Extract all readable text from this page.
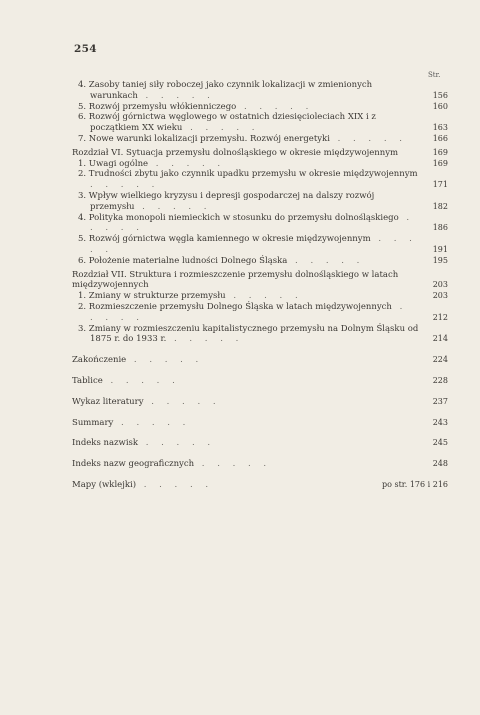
254
Str.
4. Zasoby taniej siły roboczej jako czynnik lokalizacji w zmienionych warunkach . . . . .	156
5. Rozwój przemysłu włókienniczego . . . . .	160
6. Rozwój górnictwa węglowego w ostatnich dziesięcioleciach XIX i z początkiem XX wieku . . . . .	163
7. Nowe warunki lokalizacji przemysłu. Rozwój energetyki . . . . .	166
Rozdział VI. Sytuacja przemysłu dolnośląskiego w okresie międzywojennym	169
1. Uwagi ogólne . . . . .	169
2. Trudności zbytu jako czynnik upadku przemysłu w okresie międzywojennym . . . . .	171
3. Wpływ wielkiego kryzysu i depresji gospodarczej na dalszy rozwój przemysłu . . . . .	182
4. Polityka monopoli niemieckich w stosunku do przemysłu dolnośląskiego . . . . .	186
5. Rozwój górnictwa węgla kamiennego w okresie międzywojennym . . . . .	191
6. Położenie materialne ludności Dolnego Śląska . . . . .	195
Rozdział VII. Struktura i rozmieszczenie przemysłu dolnośląskiego w latach międzywojennych	203
1. Zmiany w strukturze przemysłu . . . . .	203
2. Rozmieszczenie przemysłu Dolnego Śląska w latach międzywojennych . . . . .	212
3. Zmiany w rozmieszczeniu kapitalistycznego przemysłu na Dolnym Śląsku od 1875 r. do 1933 r. . . . . .	214
Zakończenie . . . . .	224
Tablice . . . . .	228
Wykaz literatury . . . . .	237
Summary . . . . .	243
Indeks nazwisk . . . . .	245
Indeks nazw geograficznych . . . . .	248
Mapy (wklejki) . . . . .	po str. 176 i 216
